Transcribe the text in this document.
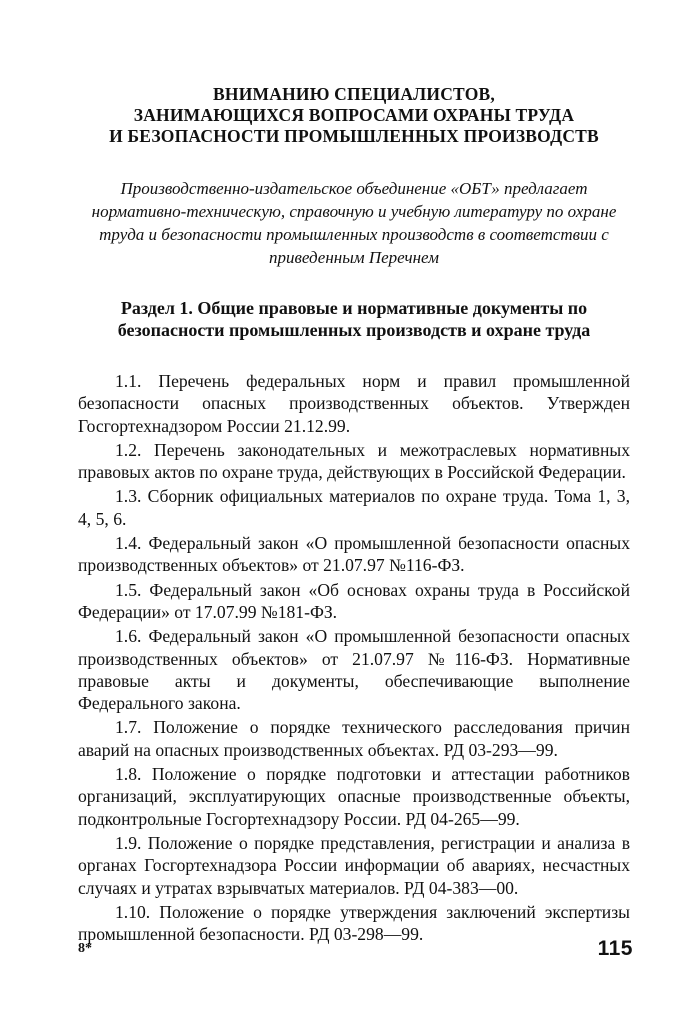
ВНИМАНИЮ СПЕЦИАЛИСТОВ,
ЗАНИМАЮЩИХСЯ ВОПРОСАМИ ОХРАНЫ ТРУДА
И БЕЗОПАСНОСТИ ПРОМЫШЛЕННЫХ ПРОИЗВОДСТВ
Производственно-издательское объединение «ОБТ» предлагает нормативно-техническую, справочную и учебную литературу по охране труда и безопасности промышленных производств в соответствии с приведенным Перечнем
Раздел 1. Общие правовые и нормативные документы по безопасности промышленных производств и охране труда

1.1. Перечень федеральных норм и правил промышленной безопасности опасных производственных объектов. Утвержден Госгортехнадзором России 21.12.99.

1.2. Перечень законодательных и межотраслевых нормативных правовых актов по охране труда, действующих в Российской Федерации.

1.3. Сборник официальных материалов по охране труда. Тома 1, 3, 4, 5, 6.

1.4. Федеральный закон «О промышленной безопасности опасных производственных объектов» от 21.07.97 №116-ФЗ.

1.5. Федеральный закон «Об основах охраны труда в Российской Федерации» от 17.07.99 №181-ФЗ.

1.6. Федеральный закон «О промышленной безопасности опасных производственных объектов» от 21.07.97 №116-ФЗ. Нормативные правовые акты и документы, обеспечивающие выполнение Федерального закона.

1.7. Положение о порядке технического расследования причин аварий на опасных производственных объектах. РД 03-293—99.

1.8. Положение о порядке подготовки и аттестации работников организаций, эксплуатирующих опасные производственные объекты, подконтрольные Госгортехнадзору России. РД 04-265—99.

1.9. Положение о порядке представления, регистрации и анализа в органах Госгортехнадзора России информации об авариях, несчастных случаях и утратах взрывчатых материалов. РД 04-383—00.

1.10. Положение о порядке утверждения заключений экспертизы промышленной безопасности. РД 03-298—99.

8*	115
